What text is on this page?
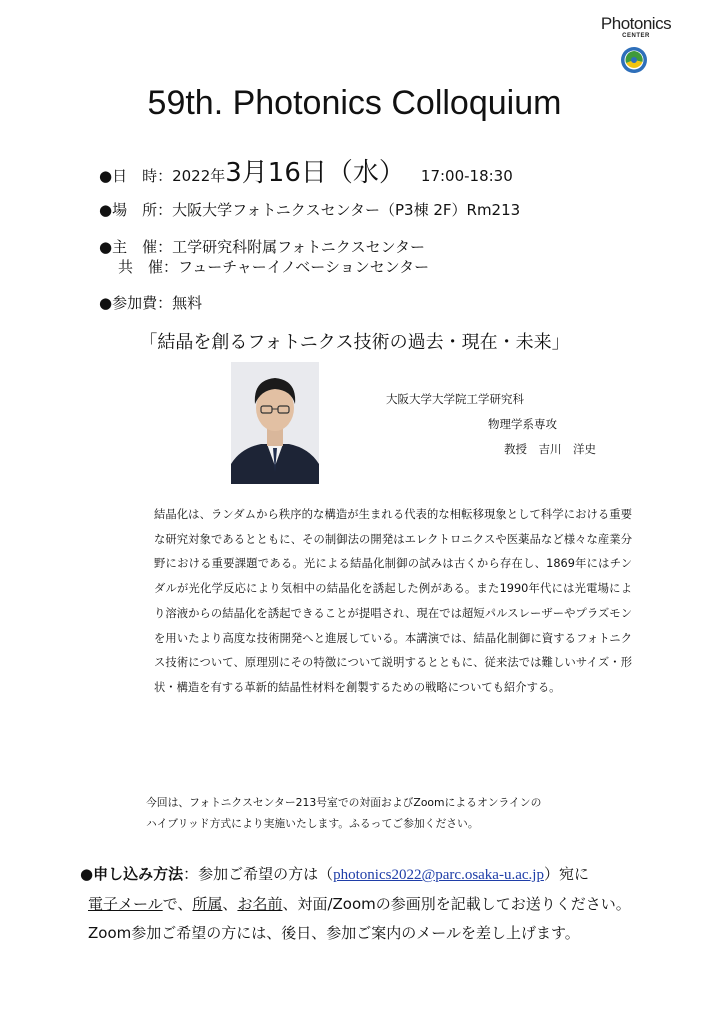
Photonics
CENTER
59th. Photonics Colloquium
●日　時：2022年3月16日（水） 17:00-18:30
●場　所：大阪大学フォトニクスセンター（P3棟 2F）Rm213
●主　催：工学研究科附属フォトニクスセンター
共　催：フューチャーイノベーションセンター
●参加費：無料
「結晶を創るフォトニクス技術の過去・現在・未来」
大阪大学大学院工学研究科
物理学系専攻
教授　吉川　洋史
結晶化は、ランダムから秩序的な構造が生まれる代表的な相転移現象として科学における重要な研究対象であるとともに、その制御法の開発はエレクトロニクスや医薬品など様々な産業分野における重要課題である。光による結晶化制御の試みは古くから存在し、1869年にはチンダルが光化学反応により気相中の結晶化を誘起した例がある。また1990年代には光電場により溶液からの結晶化を誘起できることが提唱され、現在では超短パルスレーザーやプラズモンを用いたより高度な技術開発へと進展している。本講演では、結晶化制御に資するフォトニクス技術について、原理別にその特徴について説明するとともに、従来法では難しいサイズ・形状・構造を有する革新的結晶性材料を創製するための戦略についても紹介する。
今回は、フォトニクスセンター213号室での対面およびZoomによるオンラインの
ハイブリッド方式により実施いたします。ふるってご参加ください。
●申し込み方法：参加ご希望の方は（photonics2022@parc.osaka-u.ac.jp）宛に
電子メールで、所属、お名前、対面/Zoomの参画別を記載してお送りください。
Zoom参加ご希望の方には、後日、参加ご案内のメールを差し上げます。
